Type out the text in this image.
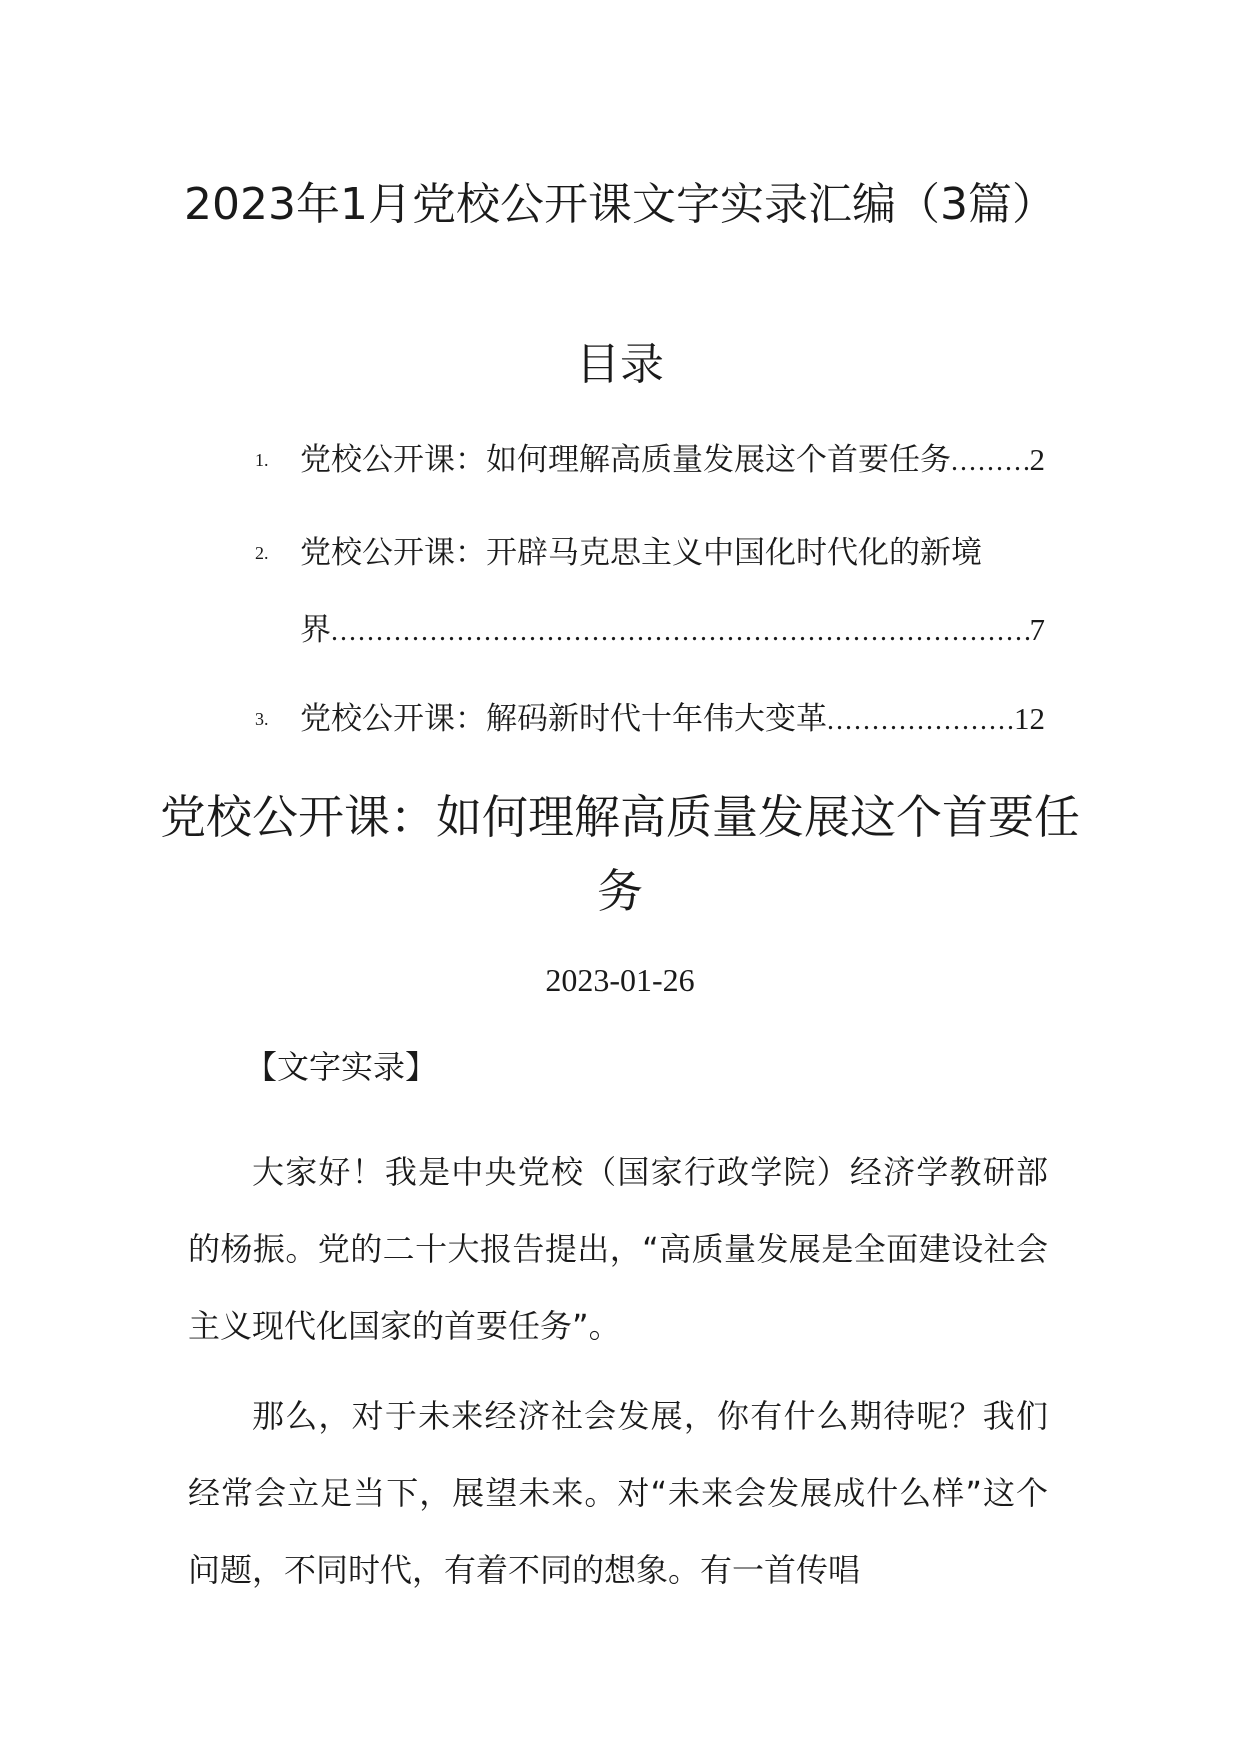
2023年1月党校公开课文字实录汇编（3篇）
目录
1. 党校公开课：如何理解高质量发展这个首要任务 .....	2
2. 党校公开课：开辟马克思主义中国化时代化的新境
界 .....	7
3. 党校公开课：解码新时代十年伟大变革 .....	12
党校公开课：如何理解高质量发展这个首要任务
2023-01-26
【文字实录】

大家好！我是中央党校（国家行政学院）经济学教研部的杨振。党的二十大报告提出，“高质量发展是全面建设社会主义现代化国家的首要任务”。

那么，对于未来经济社会发展，你有什么期待呢？我们经常会立足当下，展望未来。对“未来会发展成什么样”这个问题，不同时代，有着不同的想象。有一首传唱
